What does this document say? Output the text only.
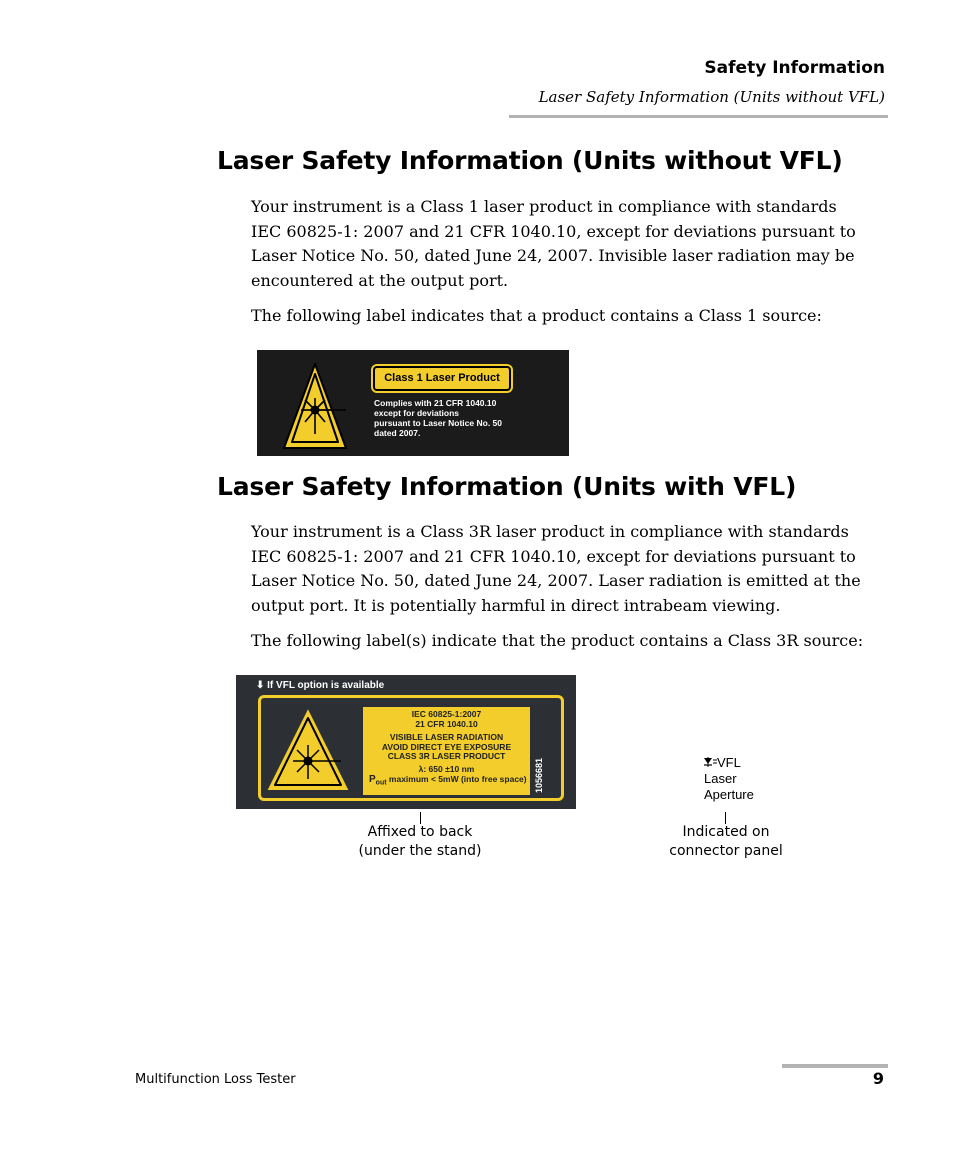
Safety Information
Laser Safety Information (Units without VFL)
Laser Safety Information (Units without VFL)
Your instrument is a Class 1 laser product in compliance with standards
IEC 60825-1: 2007 and 21 CFR 1040.10, except for deviations pursuant to
Laser Notice No. 50, dated June 24, 2007. Invisible laser radiation may be
encountered at the output port.
The following label indicates that a product contains a Class 1 source:
Class 1 Laser Product
Complies with 21 CFR 1040.10
except for deviations
pursuant to Laser Notice No. 50
dated 2007.
Laser Safety Information (Units with VFL)
Your instrument is a Class 3R laser product in compliance with standards
IEC 60825-1: 2007 and 21 CFR 1040.10, except for deviations pursuant to
Laser Notice No. 50, dated June 24, 2007. Laser radiation is emitted at the
output port. It is potentially harmful in direct intrabeam viewing.
The following label(s) indicate that the product contains a Class 3R source:
⬇ If VFL option is available
IEC 60825-1:2007
21 CFR 1040.10
VISIBLE LASER RADIATION
AVOID DIRECT EYE EXPOSURE
CLASS 3R LASER PRODUCT
λ: 650 ±10 nm
$P_{out}$ maximum < 5mW (into free space) 1056681	VFL
Laser
Aperture
Affixed to back
(under the stand)
Indicated on
connector panel
Multifunction Loss Tester	9
